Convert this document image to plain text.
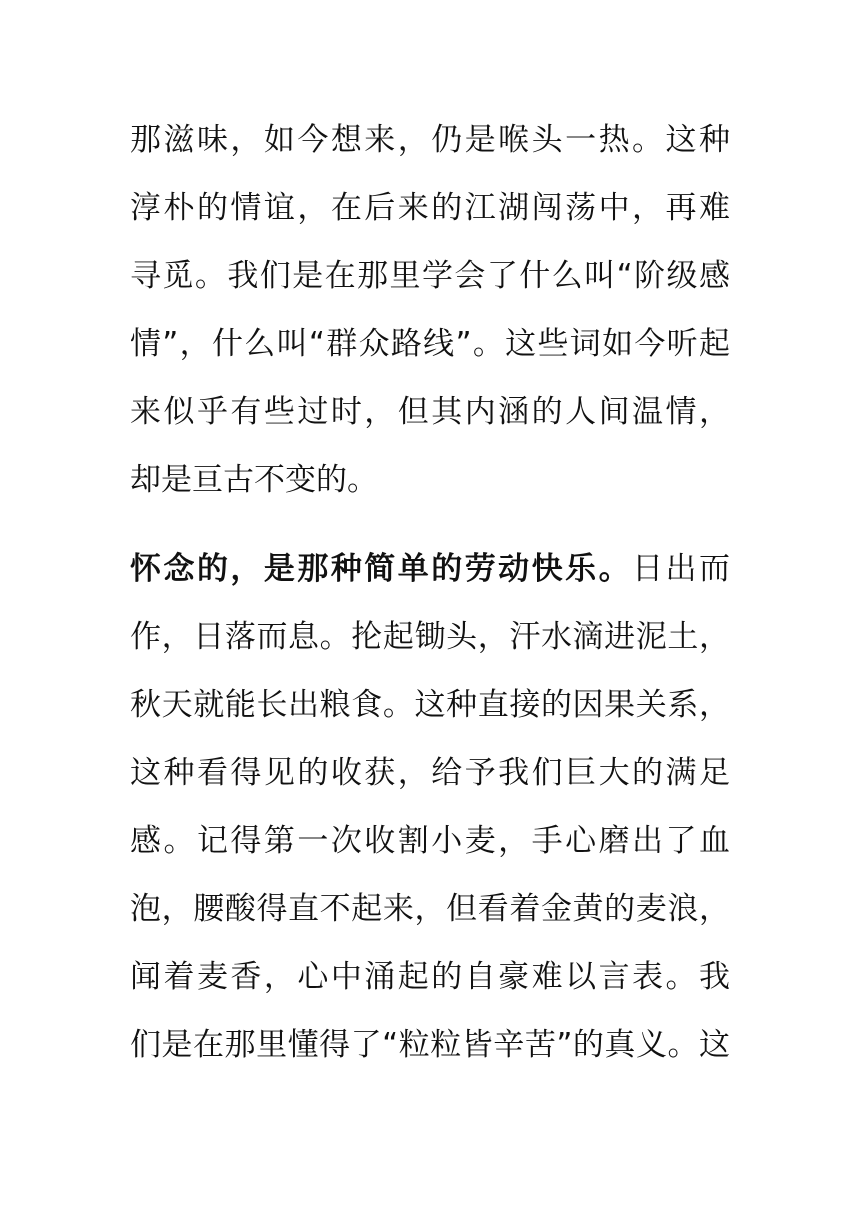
那滋味，如今想来，仍是喉头一热。这种
淳朴的情谊，在后来的江湖闯荡中，再难
寻觅。我们是在那里学会了什么叫“阶级感
情”，什么叫“群众路线”。这些词如今听起
来似乎有些过时，但其内涵的人间温情，
却是亘古不变的。
怀念的，是那种简单的劳动快乐。日出而
作，日落而息。抡起锄头，汗水滴进泥土，
秋天就能长出粮食。这种直接的因果关系，
这种看得见的收获，给予我们巨大的满足
感。记得第一次收割小麦，手心磨出了血
泡，腰酸得直不起来，但看着金黄的麦浪，
闻着麦香，心中涌起的自豪难以言表。我
们是在那里懂得了“粒粒皆辛苦”的真义。这
